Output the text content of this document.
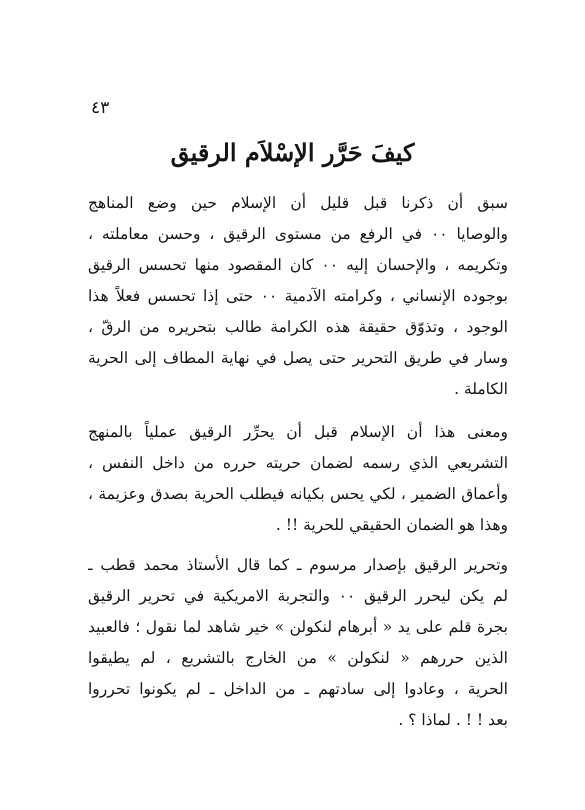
٤٣
كيفَ حَرَّر الإسْلاَم الرقيق
سبق أن ذكرنا قبل قليل أن الإسلام حين وضع المناهج
والوصايا ٠٠ في الرفع من مستوى الرقيق ، وحسن معاملته ،
وتكريمه ، والإحسان إليه ٠٠ كان المقصود منها تحسس الرقيق
بوجوده الإنساني ، وكرامته الآدمية ٠٠ حتى إذا تحسس فعلاً هذا
الوجود ، وتذوّق حقيقة هذه الكرامة طالب بتحريره من الرقّ ،
وسار في طريق التحرير حتى يصل في نهاية المطاف إلى الحرية
الكاملة .
ومعنى هذا أن الإسلام قبل أن يحرِّر الرقيق عملياً بالمنهج
التشريعي الذي رسمه لضمان حريته حرره من داخل النفس ،
وأعماق الضمير ، لكي يحس بكيانه فيطلب الحرية بصدق وعزيمة ،
وهذا هو الضمان الحقيقي للحرية !! .
وتحرير الرقيق بإصدار مرسوم ـ كما قال الأستاذ محمد قطب ـ
لم يكن ليحرر الرقيق ٠٠ والتجربة الامريكية في تحرير الرقيق
بجرة قلم على يد « أبرهام لنكولن » خير شاهد لما نقول ؛ فالعبيد
الذين حررهم « لنكولن » من الخارج بالتشريع ، لم يطيقوا
الحرية ، وعادوا إلى سادتهم ـ من الداخل ـ لم يكونوا تحرروا
بعد ! ! . لماذا ؟ .
